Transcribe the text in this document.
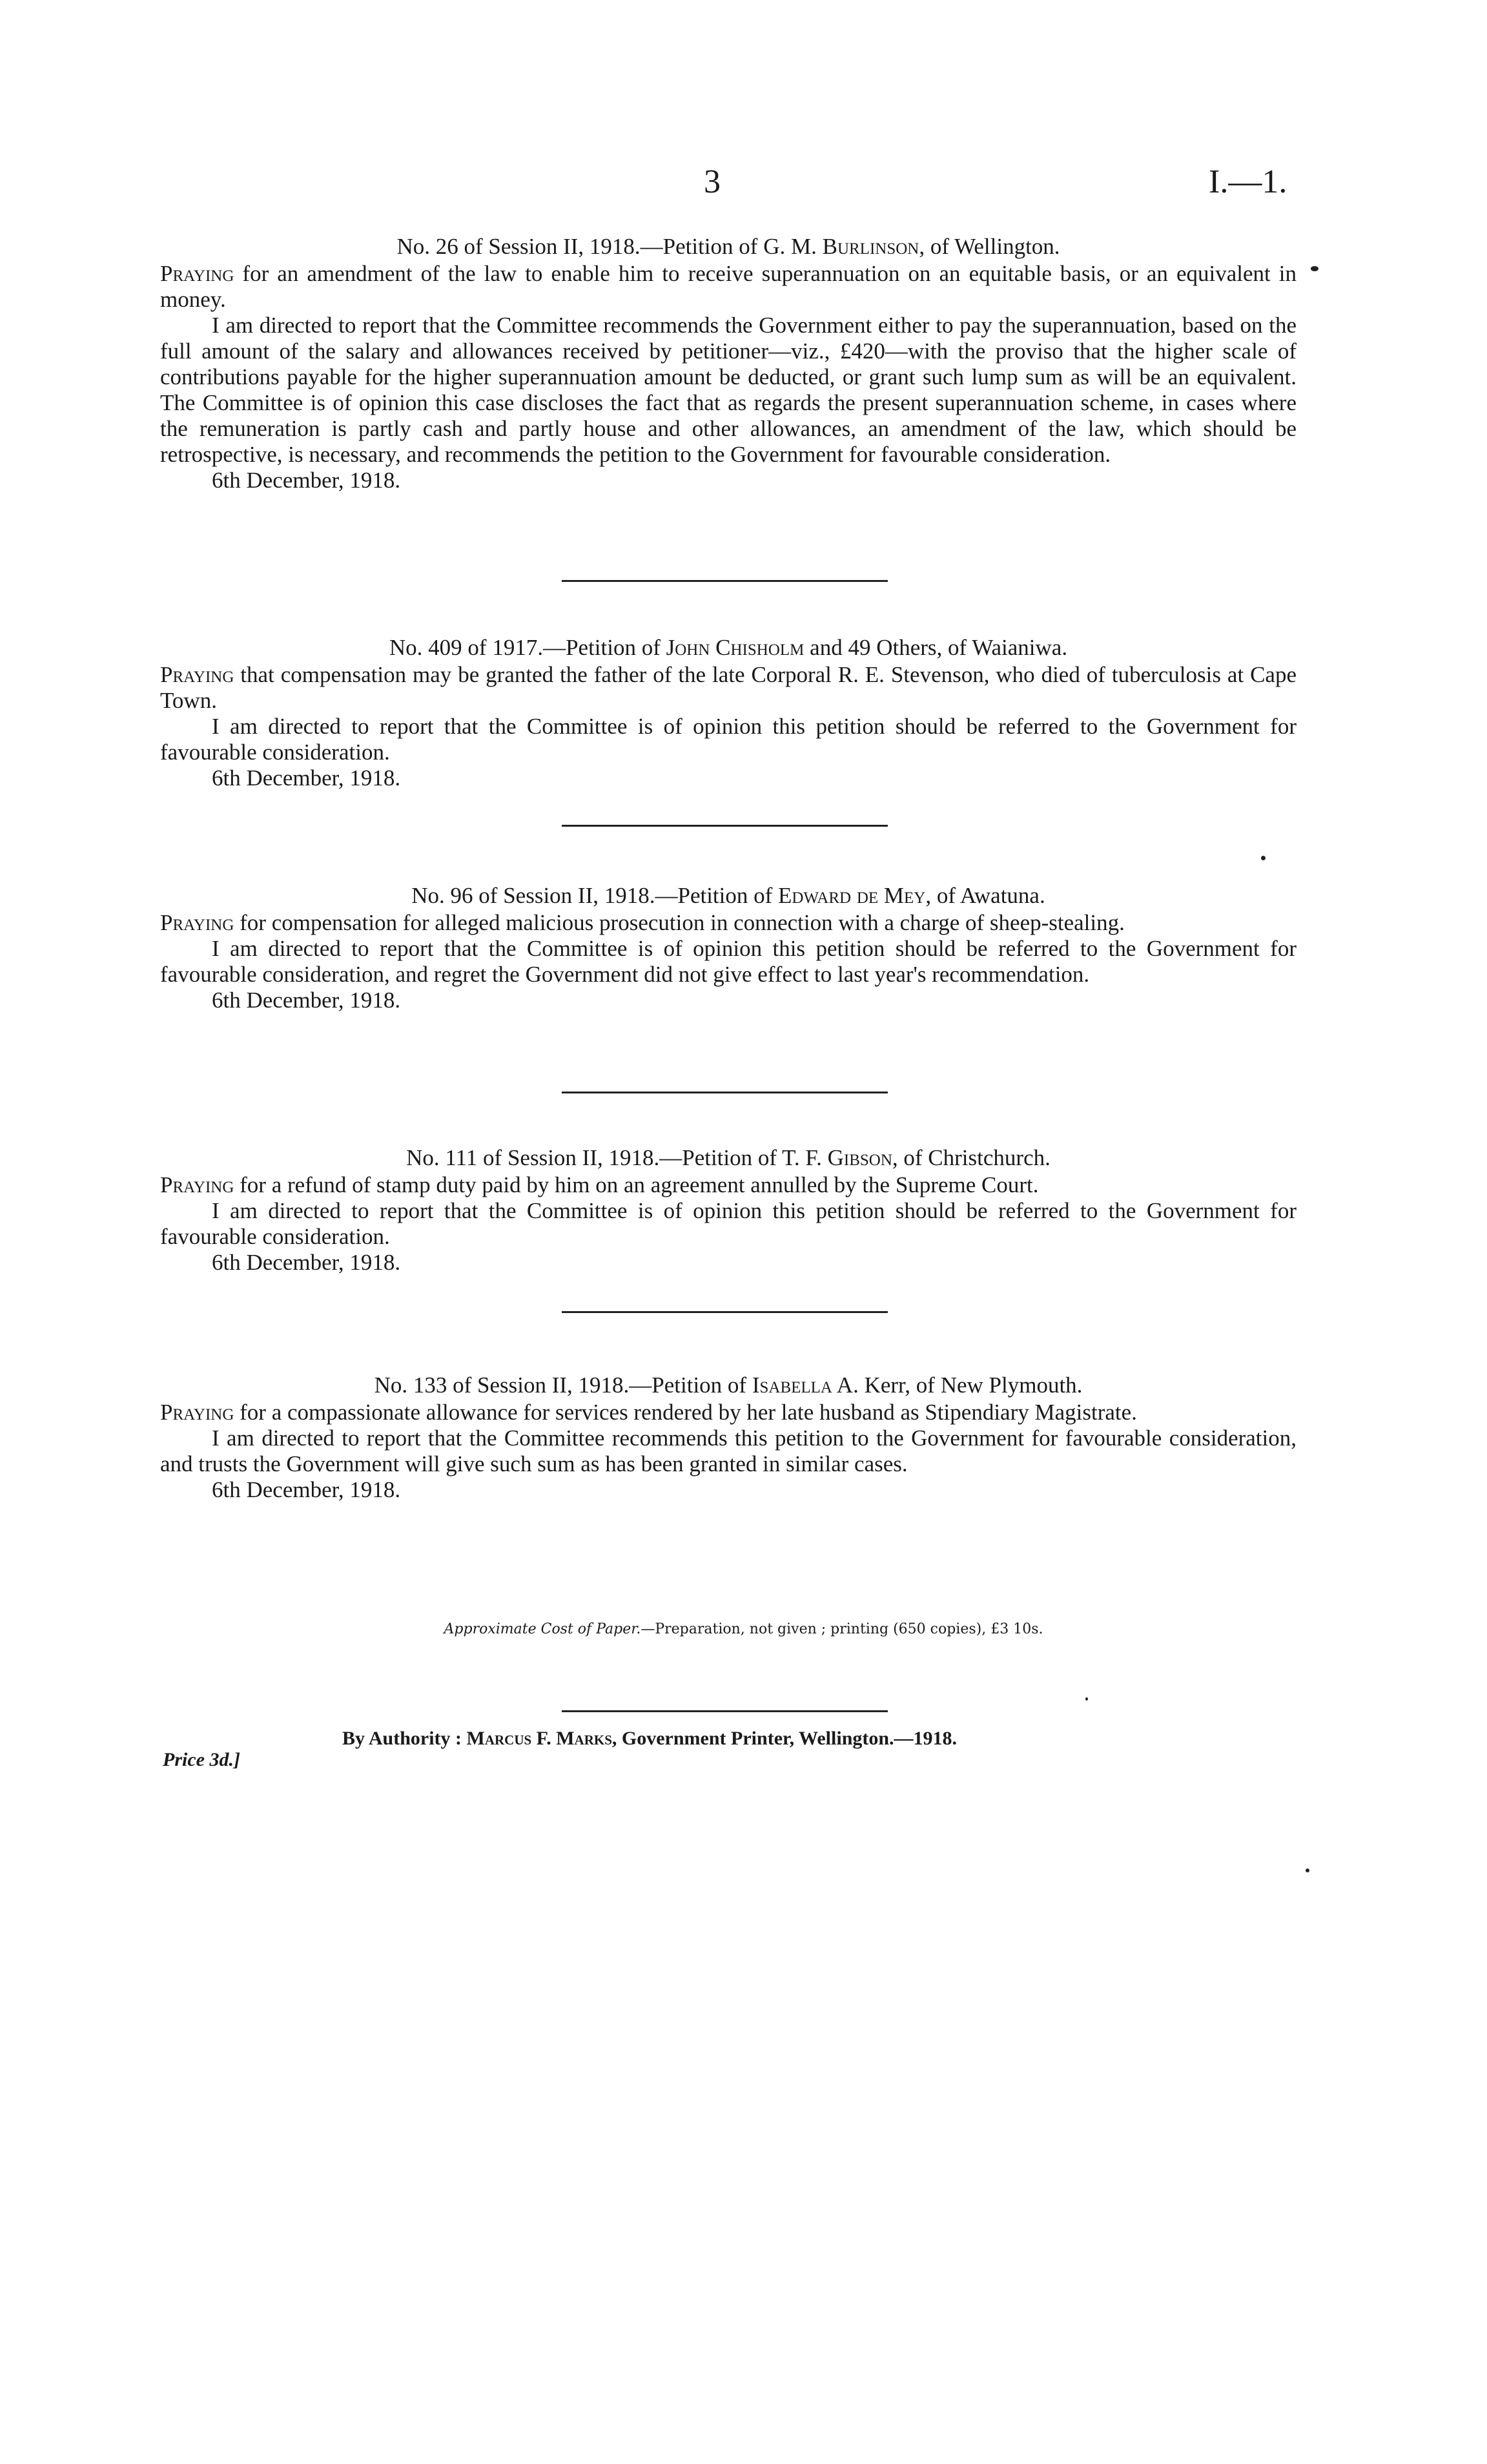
3	I.—1.
No. 26 of Session II, 1918.—Petition of G. M. Burlinson, of Wellington.

Praying for an amendment of the law to enable him to receive superannuation on an equitable basis, or an equivalent in money.

I am directed to report that the Committee recommends the Government either to pay the superannuation, based on the full amount of the salary and allowances received by petitioner—viz., £420—with the proviso that the higher scale of contributions payable for the higher superannuation amount be deducted, or grant such lump sum as will be an equivalent. The Committee is of opinion this case discloses the fact that as regards the present superannuation scheme, in cases where the remuneration is partly cash and partly house and other allowances, an amendment of the law, which should be retrospective, is necessary, and recommends the petition to the Government for favourable consideration.

6th December, 1918.

No. 409 of 1917.—Petition of John Chisholm and 49 Others, of Waianiwa.

Praying that compensation may be granted the father of the late Corporal R. E. Stevenson, who died of tuberculosis at Cape Town.

I am directed to report that the Committee is of opinion this petition should be referred to the Government for favourable consideration.

6th December, 1918.

No. 96 of Session II, 1918.—Petition of Edward de Mey, of Awatuna.

Praying for compensation for alleged malicious prosecution in connection with a charge of sheep-stealing.

I am directed to report that the Committee is of opinion this petition should be referred to the Government for favourable consideration, and regret the Government did not give effect to last year's recommendation.

6th December, 1918.

No. 111 of Session II, 1918.—Petition of T. F. Gibson, of Christchurch.

Praying for a refund of stamp duty paid by him on an agreement annulled by the Supreme Court.

I am directed to report that the Committee is of opinion this petition should be referred to the Government for favourable consideration.

6th December, 1918.

No. 133 of Session II, 1918.—Petition of Isabella A. Kerr, of New Plymouth.

Praying for a compassionate allowance for services rendered by her late husband as Stipendiary Magistrate.

I am directed to report that the Committee recommends this petition to the Government for favourable consideration, and trusts the Government will give such sum as has been granted in similar cases.

6th December, 1918.

Approximate Cost of Paper.—Preparation, not given ; printing (650 copies), £3 10s.
Price 3d.]
By Authority : Marcus F. Marks, Government Printer, Wellington.—1918.
